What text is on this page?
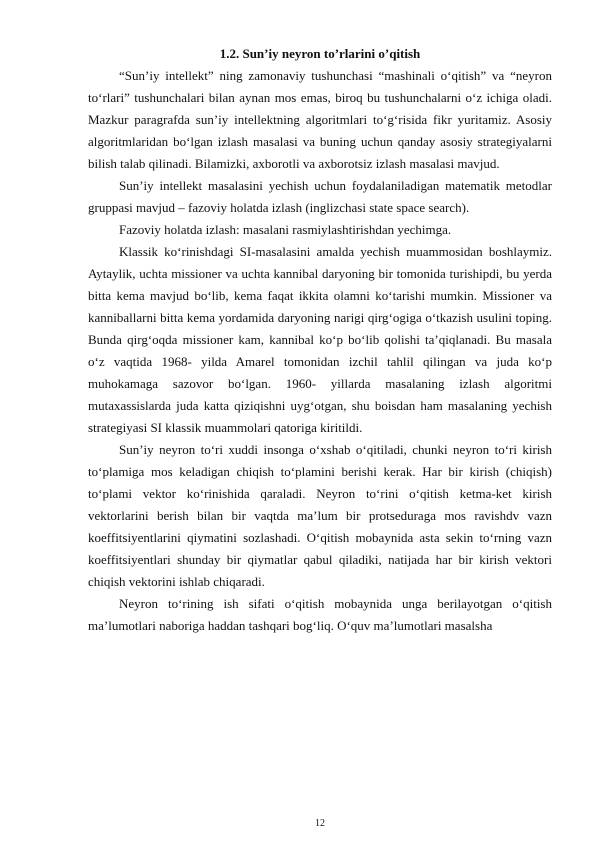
1.2. Sun’iy neyron to’rlarini o’qitish

“Sun’iy intellekt” ning zamonaviy tushunchasi “mashinali o‘qitish” va “neyron to‘rlari” tushunchalari bilan aynan mos emas, biroq bu tushunchalarni o‘z ichiga oladi. Mazkur paragrafda sun’iy intellektning algoritmlari to‘g‘risida fikr yuritamiz. Asosiy algoritmlaridan bo‘lgan izlash masalasi va buning uchun qanday asosiy strategiyalarni bilish talab qilinadi. Bilamizki, axborotli va axborotsiz izlash masalasi mavjud.

Sun’iy intellekt masalasini yechish uchun foydalaniladigan matematik metodlar gruppasi mavjud – fazoviy holatda izlash (inglizchasi state space search).

Fazoviy holatda izlash: masalani rasmiylashtirishdan yechimga.

Klassik ko‘rinishdagi SI-masalasini amalda yechish muammosidan boshlaymiz. Aytaylik, uchta missioner va uchta kannibal daryoning bir tomonida turishipdi, bu yerda bitta kema mavjud bo‘lib, kema faqat ikkita olamni ko‘tarishi mumkin. Missioner va kanniballarni bitta kema yordamida daryoning narigi qirg‘ogiga o‘tkazish usulini toping. Bunda qirg‘oqda missioner kam, kannibal ko‘p bo‘lib qolishi ta’qiqlanadi. Bu masala o‘z vaqtida 1968- yilda Amarel tomonidan izchil tahlil qilingan va juda ko‘p muhokamaga sazovor bo‘lgan. 1960- yillarda masalaning izlash algoritmi mutaxassislarda juda katta qiziqishni uyg‘otgan, shu boisdan ham masalaning yechish strategiyasi SI klassik muammolari qatoriga kiritildi.

Sun’iy neyron to‘ri xuddi insonga o‘xshab o‘qitiladi, chunki neyron to‘ri kirish to‘plamiga mos keladigan chiqish to‘plamini berishi kerak. Har bir kirish (chiqish) to‘plami vektor ko‘rinishida qaraladi. Neyron to‘rini o‘qitish ketma-ket kirish vektorlarini berish bilan bir vaqtda ma’lum bir protseduraga mos ravishdv vazn koeffitsiyentlarini qiymatini sozlashadi. O‘qitish mobaynida asta sekin to‘rning vazn koeffitsiyentlari shunday bir qiymatlar qabul qiladiki, natijada har bir kirish vektori chiqish vektorini ishlab chiqaradi.

Neyron to‘rining ish sifati o‘qitish mobaynida unga berilayotgan o‘qitish ma’lumotlari naboriga haddan tashqari bog‘liq. O‘quv ma’lumotlari masalsha

12
